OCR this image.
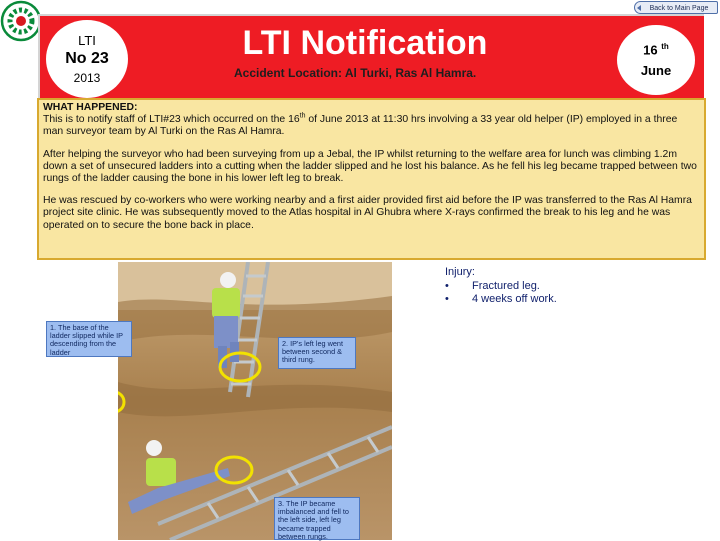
Back to Main Page
LTI
No 23
2013
LTI Notification
Accident Location: Al Turki, Ras Al Hamra.
16 $^{th}$
June
WHAT HAPPENED:

This is to notify staff of LTI#23 which occurred on the 16th of June 2013 at 11:30 hrs involving a 33 year old helper (IP) employed in a three man surveyor team by Al Turki on the Ras Al Hamra.

After helping the surveyor who had been surveying from up a Jebal, the IP whilst returning to the welfare area for lunch was climbing 1.2m down a set of unsecured ladders into a cutting when the ladder slipped and he lost his balance. As he fell his leg became trapped between two rungs of the ladder causing the bone in his lower left leg to break.

He was rescued by co-workers who were working nearby and a first aider provided first aid before the IP was transferred to the Ras Al Hamra project site clinic. He was subsequently moved to the Atlas hospital in Al Ghubra where X-rays confirmed the break to his leg and he was operated on to secure the bone back in place.

Injury:
• Fractured leg.
• 4 weeks off work.
1. The base of the ladder slipped while IP descending from the ladder
2. IP's left leg went between second & third rung.
3. The IP became imbalanced and fell to the left side, left leg became trapped between rungs.
